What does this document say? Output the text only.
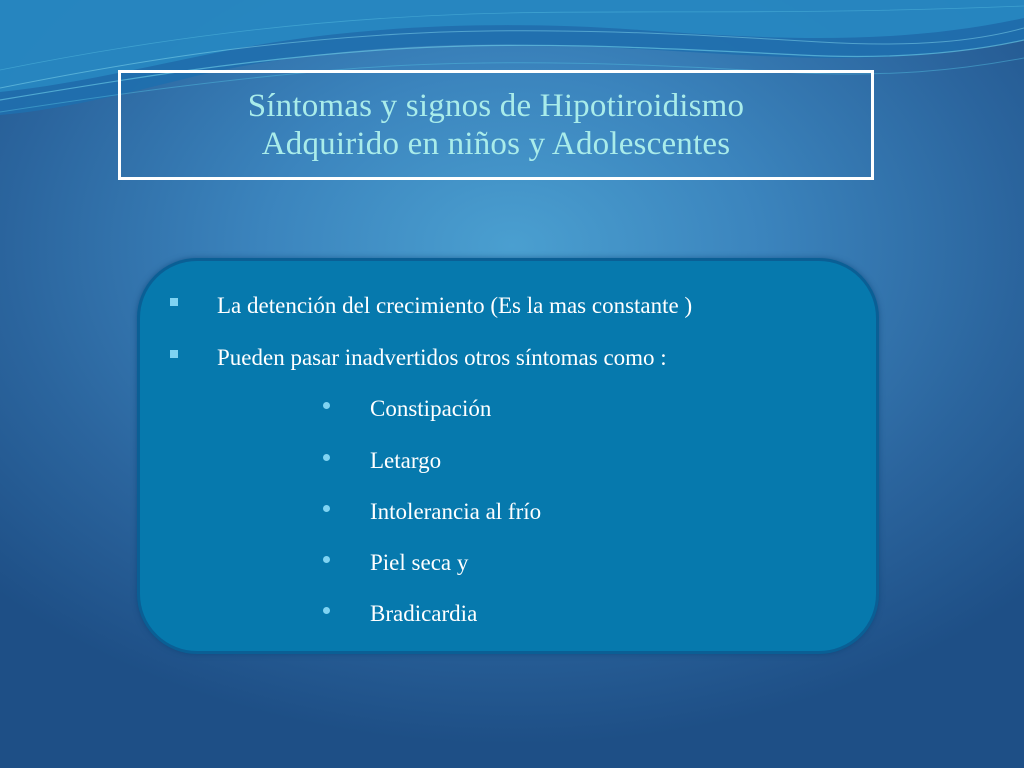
Síntomas y signos de Hipotiroidismo
Adquirido en niños y Adolescentes
La detención del crecimiento (Es la mas constante )
Pueden pasar inadvertidos otros síntomas como :
Constipación
Letargo
Intolerancia al frío
Piel seca y
Bradicardia
